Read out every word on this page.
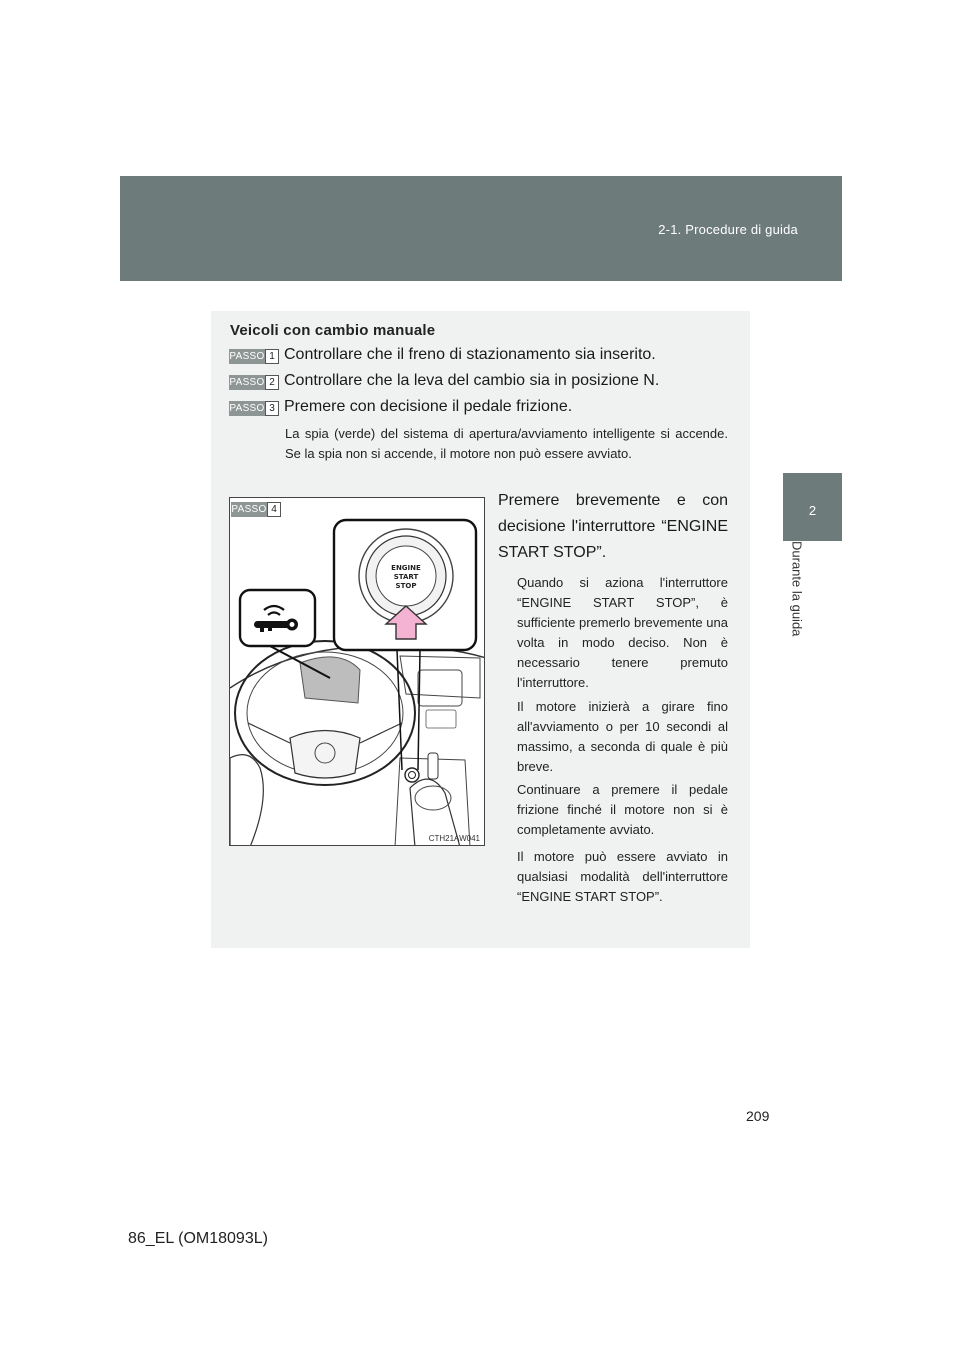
2-1. Procedure di guida
2
Durante la guida
Veicoli con cambio manuale
PASSO 1 Controllare che il freno di stazionamento sia inserito.
PASSO 2 Controllare che la leva del cambio sia in posizione N.
PASSO 3 Premere con decisione il pedale frizione.
La spia (verde) del sistema di apertura/avviamento intelligente si accende. Se la spia non si accende, il motore non può essere avviato.
ENGINE
START
STOP
PASSO 4
CTH21AW041
Premere brevemente e con decisione l'interruttore “ENGINE START STOP”.
Quando si aziona l'interruttore “ENGINE START STOP”, è sufficiente premerlo brevemente una volta in modo deciso. Non è necessario tenere premuto l'interruttore.
Il motore inizierà a girare fino all'avviamento o per 10 secondi al massimo, a seconda di quale è più breve.
Continuare a premere il pedale frizione finché il motore non si è completamente avviato.
Il motore può essere avviato in qualsiasi modalità dell'interruttore “ENGINE START STOP”.
209
86_EL (OM18093L)
